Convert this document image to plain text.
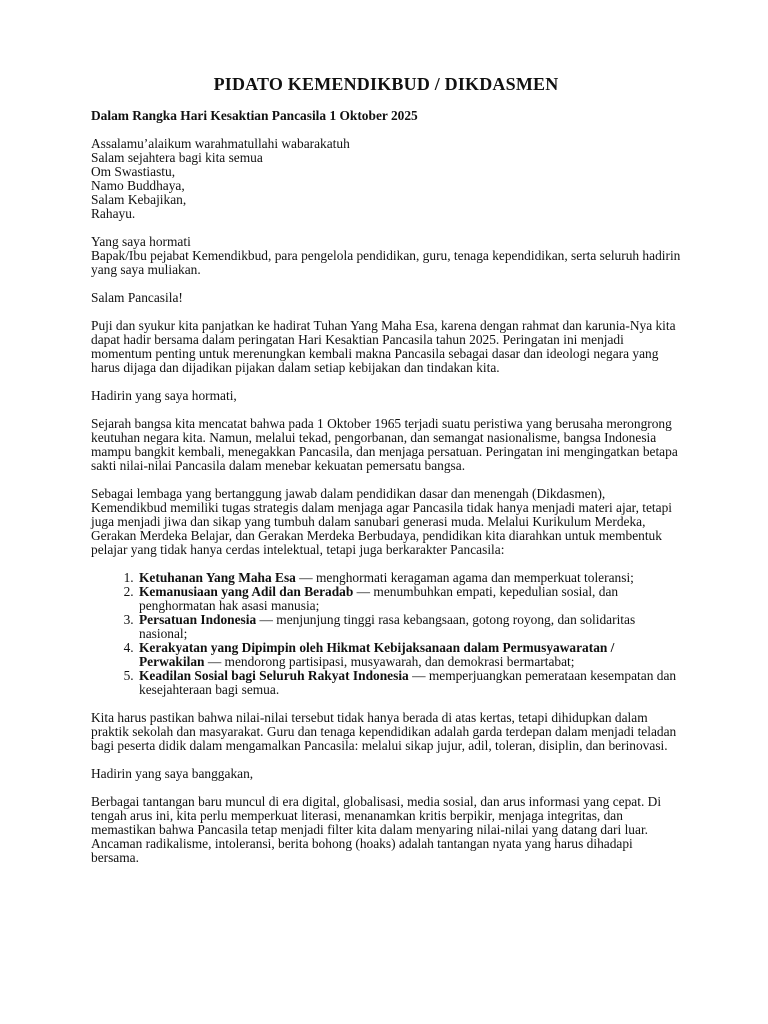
PIDATO KEMENDIKBUD / DIKDASMEN
Dalam Rangka Hari Kesaktian Pancasila 1 Oktober 2025

Assalamu’alaikum warahmatullahi wabarakatuh
Salam sejahtera bagi kita semua
Om Swastiastu,
Namo Buddhaya,
Salam Kebajikan,
Rahayu.

Yang saya hormati
Bapak/Ibu pejabat Kemendikbud, para pengelola pendidikan, guru, tenaga kependidikan, serta seluruh hadirin yang saya muliakan.

Salam Pancasila!

Puji dan syukur kita panjatkan ke hadirat Tuhan Yang Maha Esa, karena dengan rahmat dan karunia-Nya kita dapat hadir bersama dalam peringatan Hari Kesaktian Pancasila tahun 2025. Peringatan ini menjadi momentum penting untuk merenungkan kembali makna Pancasila sebagai dasar dan ideologi negara yang harus dijaga dan dijadikan pijakan dalam setiap kebijakan dan tindakan kita.

Hadirin yang saya hormati,

Sejarah bangsa kita mencatat bahwa pada 1 Oktober 1965 terjadi suatu peristiwa yang berusaha merongrong keutuhan negara kita. Namun, melalui tekad, pengorbanan, dan semangat nasionalisme, bangsa Indonesia mampu bangkit kembali, menegakkan Pancasila, dan menjaga persatuan. Peringatan ini mengingatkan betapa sakti nilai-nilai Pancasila dalam menebar kekuatan pemersatu bangsa.

Sebagai lembaga yang bertanggung jawab dalam pendidikan dasar dan menengah (Dikdasmen), Kemendikbud memiliki tugas strategis dalam menjaga agar Pancasila tidak hanya menjadi materi ajar, tetapi juga menjadi jiwa dan sikap yang tumbuh dalam sanubari generasi muda. Melalui Kurikulum Merdeka, Gerakan Merdeka Belajar, dan Gerakan Merdeka Berbudaya, pendidikan kita diarahkan untuk membentuk pelajar yang tidak hanya cerdas intelektual, tetapi juga berkarakter Pancasila:

1. Ketuhanan Yang Maha Esa — menghormati keragaman agama dan memperkuat toleransi;
2. Kemanusiaan yang Adil dan Beradab — menumbuhkan empati, kepedulian sosial, dan penghormatan hak asasi manusia;
3. Persatuan Indonesia — menjunjung tinggi rasa kebangsaan, gotong royong, dan solidaritas nasional;
4. Kerakyatan yang Dipimpin oleh Hikmat Kebijaksanaan dalam Permusyawaratan / Perwakilan — mendorong partisipasi, musyawarah, dan demokrasi bermartabat;
5. Keadilan Sosial bagi Seluruh Rakyat Indonesia — memperjuangkan pemerataan kesempatan dan kesejahteraan bagi semua.

Kita harus pastikan bahwa nilai-nilai tersebut tidak hanya berada di atas kertas, tetapi dihidupkan dalam praktik sekolah dan masyarakat. Guru dan tenaga kependidikan adalah garda terdepan dalam menjadi teladan bagi peserta didik dalam mengamalkan Pancasila: melalui sikap jujur, adil, toleran, disiplin, dan berinovasi.

Hadirin yang saya banggakan,

Berbagai tantangan baru muncul di era digital, globalisasi, media sosial, dan arus informasi yang cepat. Di tengah arus ini, kita perlu memperkuat literasi, menanamkan kritis berpikir, menjaga integritas, dan memastikan bahwa Pancasila tetap menjadi filter kita dalam menyaring nilai-nilai yang datang dari luar. Ancaman radikalisme, intoleransi, berita bohong (hoaks) adalah tantangan nyata yang harus dihadapi bersama.
